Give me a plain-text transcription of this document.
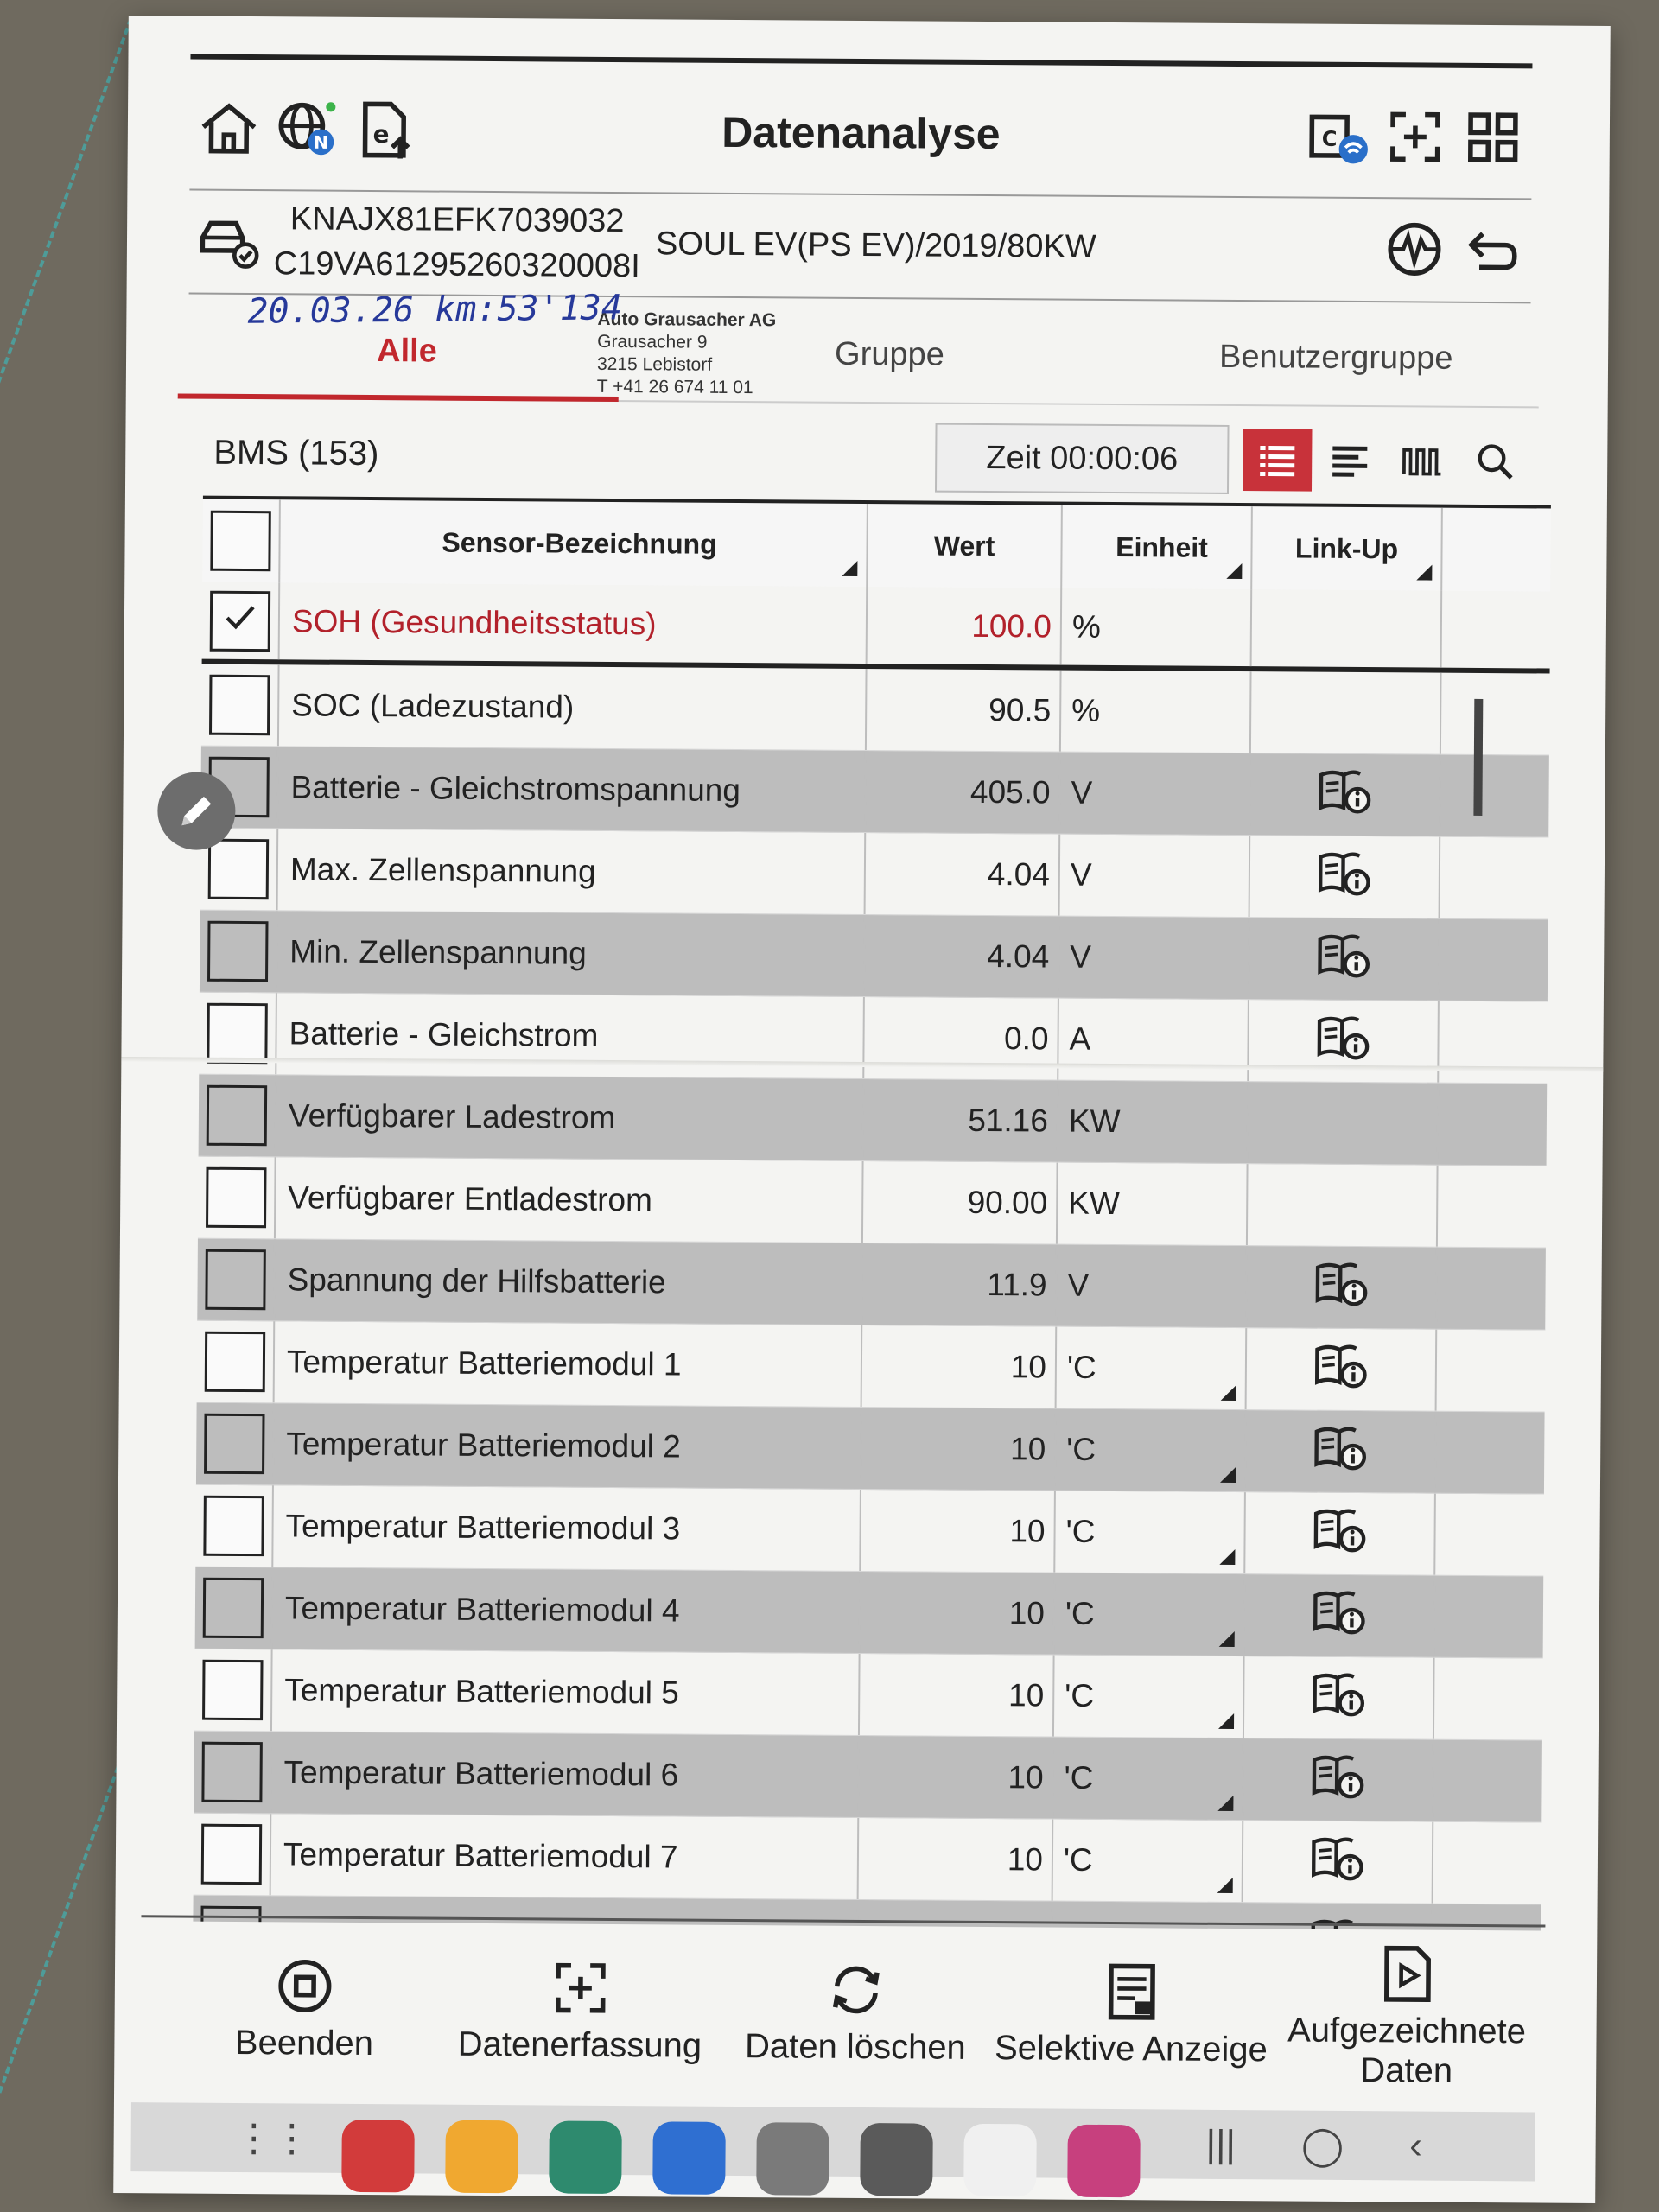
N	e	Datenanalyse	C
KNAJX81EFK7039032
C19VA61295260320008I
SOUL EV(PS EV)/2019/80KW
20.03.26 km:53'134
Auto Grausacher AG
Grausacher 9
3215 Lebistorf
T +41 26 674 11 01
Alle	Gruppe	Benutzergruppe
BMS (153)	Zeit 00:00:06
Sensor-Bezeichnung	Wert	Einheit	Link-Up
SOH (Gesundheitsstatus)	100.0 %
SOC (Ladezustand)	90.5 %
Batterie - Gleichstromspannung	405.0 V
Max. Zellenspannung	4.04 V
Min. Zellenspannung	4.04 V
Batterie - Gleichstrom	0.0 A
Verfügbarer Ladestrom	51.16 KW
Verfügbarer Entladestrom	90.00 KW
Spannung der Hilfsbatterie	11.9 V
Temperatur Batteriemodul 1	10 'C
Temperatur Batteriemodul 2	10 'C
Temperatur Batteriemodul 3	10 'C
Temperatur Batteriemodul 4	10 'C
Temperatur Batteriemodul 5	10 'C
Temperatur Batteriemodul 6	10 'C
Temperatur Batteriemodul 7	10 'C
Beenden Datenerfassung Daten löschen Selektive Anzeige Aufgezeichnete Daten
⋮⋮	||| ◯ ‹
